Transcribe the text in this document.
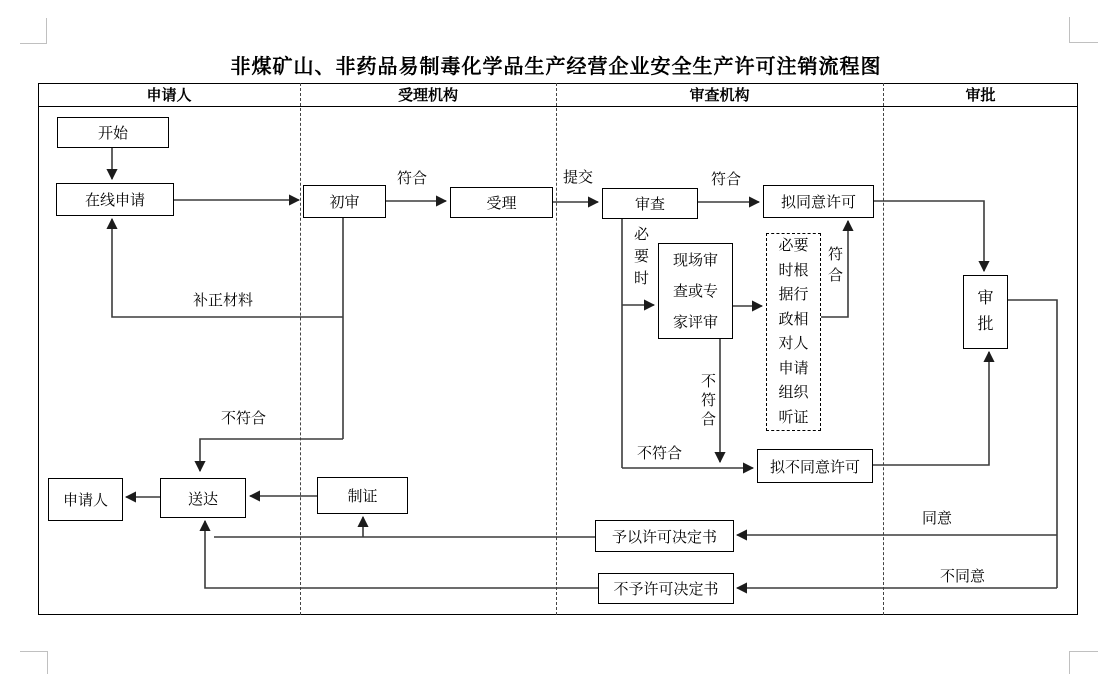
非煤矿山、非药品易制毒化学品生产经营企业安全生产许可注销流程图
申请人	受理机构	审查机构	审批
开始
在线申请	初审	受理	审查	拟同意许可
现场审查或专家评审
必要时根据行政相对人申请组织听证
审批
拟不同意许可
送达
申请人	制证
予以许可决定书
不予许可决定书
符合	提交	符合
必要时
不符合
符合
不符合
补正材料
不符合
同意
不同意
